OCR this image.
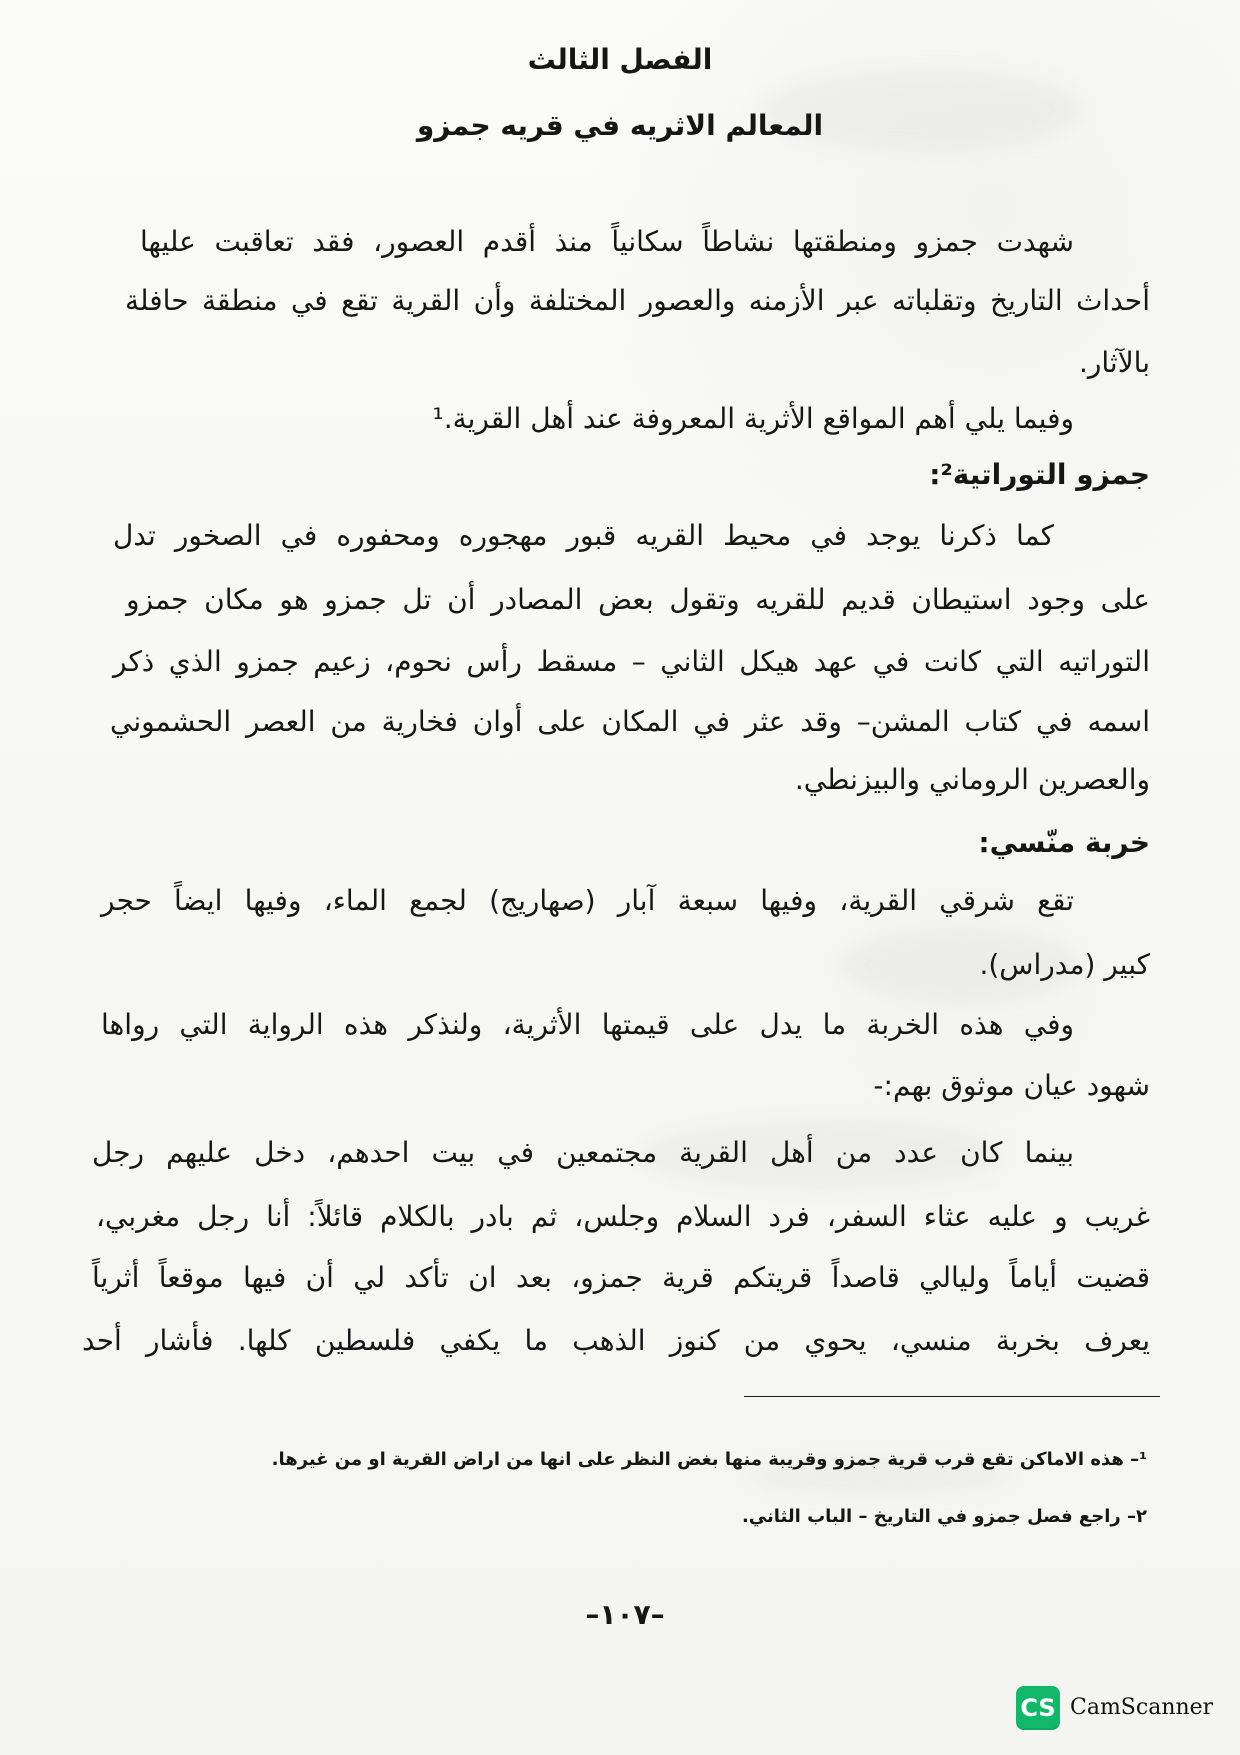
الفصل الثالث
المعالم الاثريه في قريه جمزو
شهدت جمزو ومنطقتها نشاطاً سكانياً منذ أقدم العصور، فقد تعاقبت عليها
أحداث التاريخ وتقلباته عبر الأزمنه والعصور المختلفة وأن القرية تقع في منطقة حافلة
بالآثار.
وفيما يلي أهم المواقع الأثرية المعروفة عند أهل القرية.¹
جمزو التوراتية²:
كما ذكرنا يوجد في محيط القريه قبور مهجوره ومحفوره في الصخور تدل
على وجود استيطان قديم للقريه وتقول بعض المصادر أن تل جمزو هو مكان جمزو
التوراتيه التي كانت في عهد هيكل الثاني – مسقط رأس نحوم، زعيم جمزو الذي ذكر
اسمه في كتاب المشن– وقد عثر في المكان على أوان فخارية من العصر الحشموني
والعصرين الروماني والبيزنطي.
خربة منّسي:
تقع شرقي القرية، وفيها سبعة آبار (صهاريج) لجمع الماء، وفيها ايضاً حجر
كبير (مدراس).
وفي هذه الخربة ما يدل على قيمتها الأثرية، ولنذكر هذه الرواية التي رواها
شهود عيان موثوق بهم:-
بينما كان عدد من أهل القرية مجتمعين في بيت احدهم، دخل عليهم رجل
غريب و عليه عثاء السفر، فرد السلام وجلس، ثم بادر بالكلام قائلاً: أنا رجل مغربي،
قضيت أياماً وليالي قاصداً قريتكم قرية جمزو، بعد ان تأكد لي أن فيها موقعاً أثرياً
يعرف بخربة منسي، يحوي من كنوز الذهب ما يكفي فلسطين كلها. فأشار أحد
¹– هذه الاماكن تقع قرب قرية جمزو وقريبة منها بغض النظر على انها من اراض القرية او من غيرها.
٢– راجع فصل جمزو في التاريخ – الباب الثاني.
–١٠٧–
CS CamScanner
